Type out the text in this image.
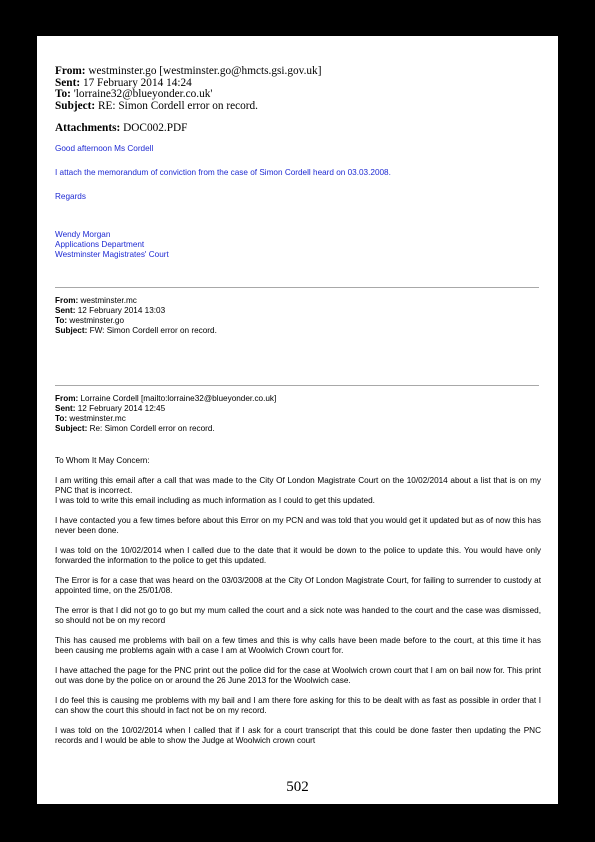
From: westminster.go [westminster.go@hmcts.gsi.gov.uk]
Sent: 17 February 2014 14:24
To: 'lorraine32@blueyonder.co.uk'
Subject: RE: Simon Cordell error on record.
Attachments: DOC002.PDF
Good afternoon Ms Cordell
I attach the memorandum of conviction from the case of Simon Cordell heard on 03.03.2008.
Regards
Wendy Morgan
Applications Department
Westminster Magistrates' Court
From: westminster.mc
Sent: 12 February 2014 13:03
To: westminster.go
Subject: FW: Simon Cordell error on record.
From: Lorraine Cordell [mailto:lorraine32@blueyonder.co.uk]
Sent: 12 February 2014 12:45
To: westminster.mc
Subject: Re: Simon Cordell error on record.

To Whom It May Concern:

I am writing this email after a call that was made to the City Of London Magistrate Court on the 10/02/2014 about a list that is on my PNC that is incorrect.

I was told to write this email including as much information as I could to get this updated.

I have contacted you a few times before about this Error on my PCN and was told that you would get it updated but as of now this has never been done.

I was told on the 10/02/2014 when I called due to the date that it would be down to the police to update this. You would have only forwarded the information to the police to get this updated.

The Error is for a case that was heard on the 03/03/2008 at the City Of London Magistrate Court, for failing to surrender to custody at appointed time, on the 25/01/08.

The error is that I did not go to go but my mum called the court and a sick note was handed to the court and the case was dismissed, so should not be on my record

This has caused me problems with bail on a few times and this is why calls have been made before to the court, at this time it has been causing me problems again with a case I am at Woolwich Crown court for.

I have attached the page for the PNC print out the police did for the case at Woolwich crown court that I am on bail now for. This print out was done by the police on or around the 26 June 2013 for the Woolwich case.

I do feel this is causing me problems with my bail and I am there fore asking for this to be dealt with as fast as possible in order that I can show the court this should in fact not be on my record.

I was told on the 10/02/2014 when I called that if I ask for a court transcript that this could be done faster then updating the PNC records and I would be able to show the Judge at Woolwich crown court

502
